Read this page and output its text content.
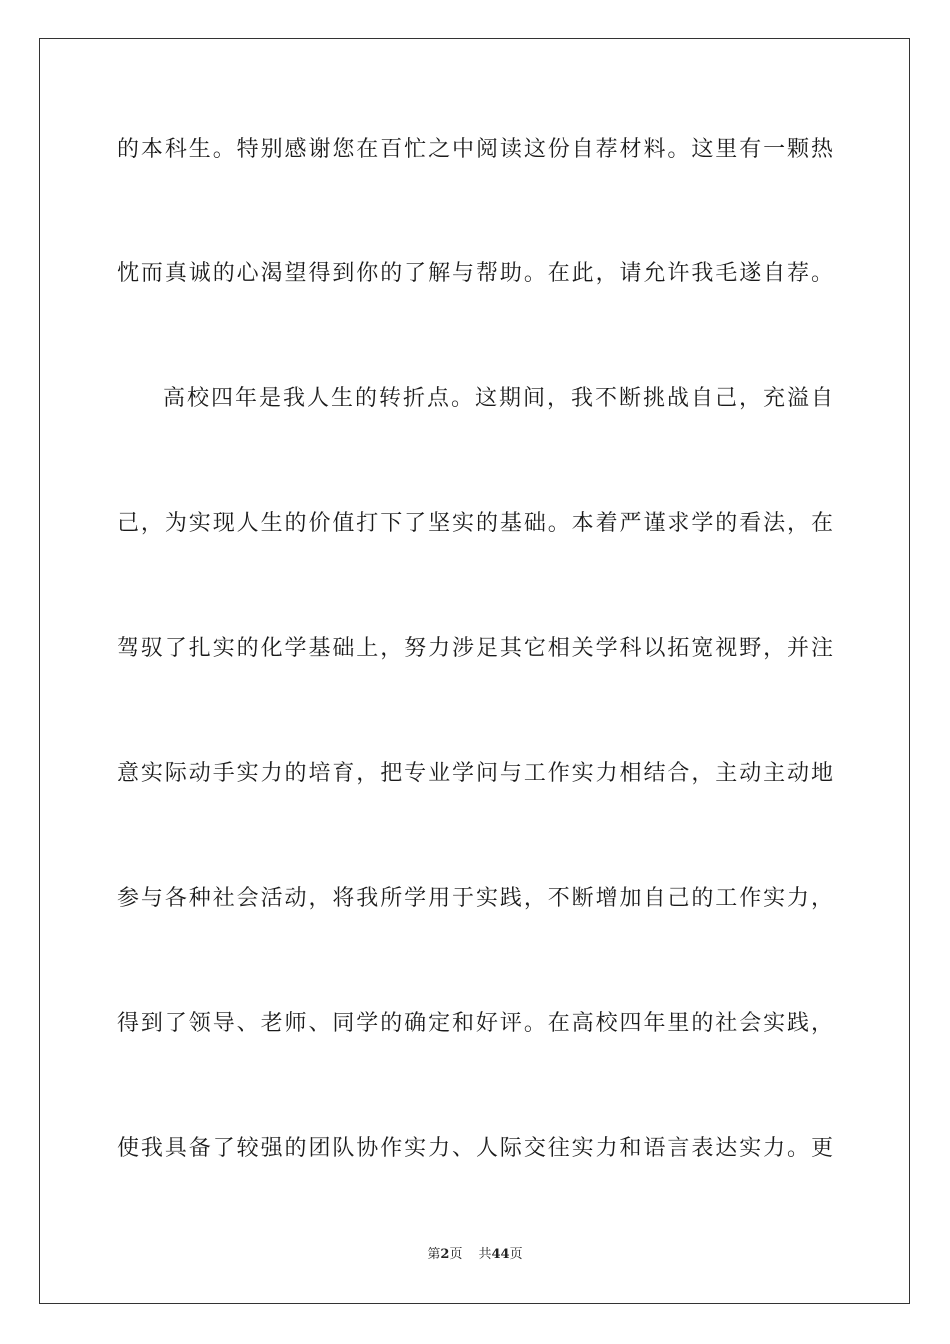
的本科生。特别感谢您在百忙之中阅读这份自荐材料。这里有一颗热
忱而真诚的心渴望得到你的了解与帮助。在此，请允许我毛遂自荐。
高校四年是我人生的转折点。这期间，我不断挑战自己，充溢自
己，为实现人生的价值打下了坚实的基础。本着严谨求学的看法，在
驾驭了扎实的化学基础上，努力涉足其它相关学科以拓宽视野，并注
意实际动手实力的培育，把专业学问与工作实力相结合，主动主动地
参与各种社会活动，将我所学用于实践，不断增加自己的工作实力，
得到了领导、老师、同学的确定和好评。在高校四年里的社会实践，
使我具备了较强的团队协作实力、人际交往实力和语言表达实力。更
第2页 共44页
